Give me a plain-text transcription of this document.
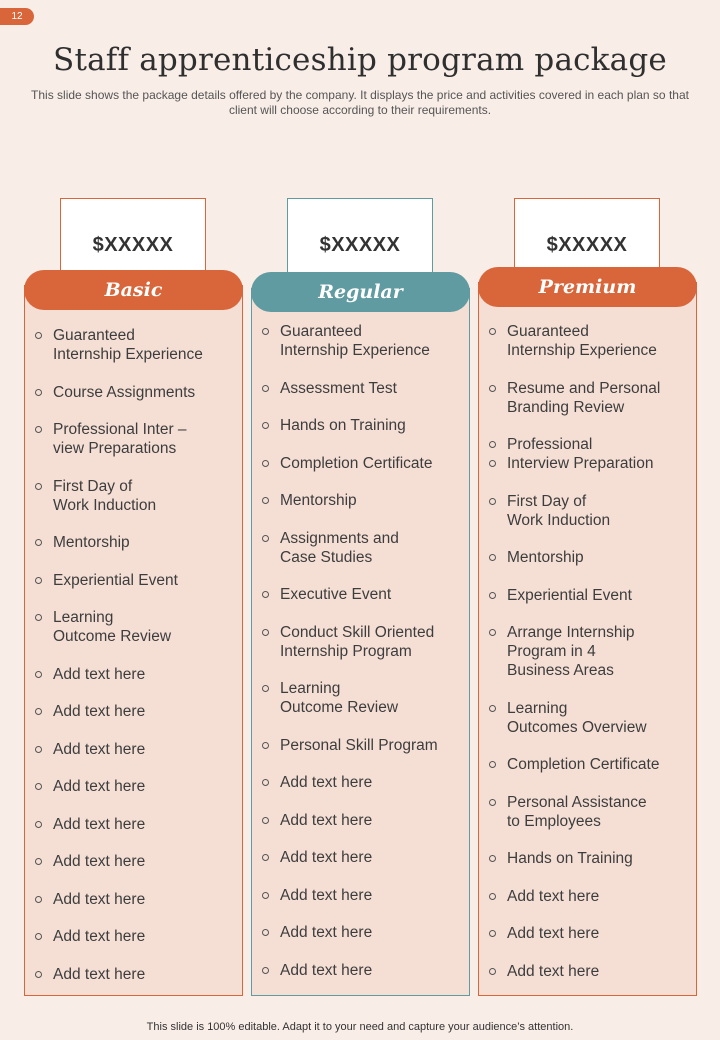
12
Staff apprenticeship program package
This slide shows the package details offered by the company. It displays the price and activities covered in each plan so that client will choose according to their requirements.
$XXXXX
Guaranteed
Internship Experience
Course Assignments
Professional Inter –
view Preparations
First Day of
Work Induction
Mentorship
Experiential Event
Learning
Outcome Review
Add text here
Add text here
Add text here
Add text here
Add text here
Add text here
Add text here
Add text here
Add text here
Basic
$XXXXX
Guaranteed
Internship Experience
Assessment Test
Hands on Training
Completion Certificate
Mentorship
Assignments and
Case Studies
Executive Event
Conduct Skill Oriented
Internship Program
Learning
Outcome Review
Personal Skill Program
Add text here
Add text here
Add text here
Add text here
Add text here
Add text here
Regular
$XXXXX
Guaranteed
Internship Experience
Resume and Personal
Branding Review
Professional
Interview Preparation
First Day of
Work Induction
Mentorship
Experiential Event
Arrange Internship
Program in 4
Business Areas
Learning
Outcomes Overview
Completion Certificate
Personal Assistance
to Employees
Hands on Training
Add text here
Add text here
Add text here
Premium
This slide is 100% editable. Adapt it to your need and capture your audience’s attention.
